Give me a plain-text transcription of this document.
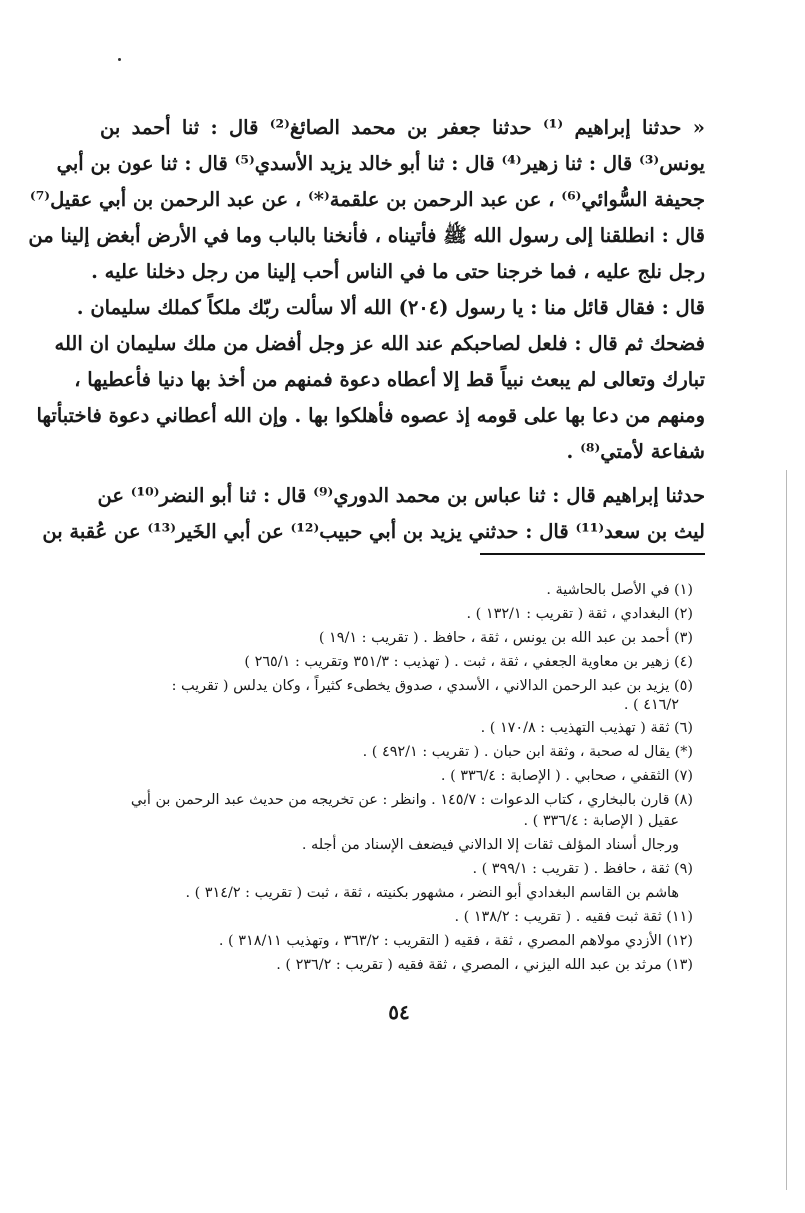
« حدثنا إبراهيم ⁽¹⁾ حدثنا جعفر بن محمد الصائغ⁽²⁾ قال : ثنا أحمد بن
يونس⁽³⁾ قال : ثنا زهير⁽⁴⁾ قال : ثنا أبو خالد يزيد الأسدي⁽⁵⁾ قال : ثنا عون بن أبي
جحيفة السُّوائي⁽⁶⁾ ، عن عبد الرحمن بن علقمة⁽*⁾ ، عن عبد الرحمن بن أبي عقيل⁽⁷⁾
قال : انطلقنا إلى رسول الله ﷺ فأتيناه ، فأنخنا بالباب وما في الأرض أبغض إلينا من
رجل نلج عليه ، فما خرجنا حتى ما في الناس أحب إلينا من رجل دخلنا عليه .
قال : فقال قائل منا : يا رسول (٢٠٤) الله ألا سألت ربّك ملكاً كملك سليمان .
فضحك ثم قال : فلعل لصاحبكم عند الله عز وجل أفضل من ملك سليمان ان الله
تبارك وتعالى لم يبعث نبياً قط إلا أعطاه دعوة فمنهم من أخذ بها دنيا فأعطيها ،
ومنهم من دعا بها على قومه إذ عصوه فأهلكوا بها . وإن الله أعطاني دعوة فاختبأتها
شفاعة لأمتي⁽⁸⁾ .
حدثنا إبراهيم قال : ثنا عباس بن محمد الدوري⁽⁹⁾ قال : ثنا أبو النضر⁽¹⁰⁾ عن
ليث بن سعد⁽¹¹⁾ قال : حدثني يزيد بن أبي حبيب⁽¹²⁾ عن أبي الخَير⁽¹³⁾ عن عُقبة بن
(١) في الأصل بالحاشية .
(٢) البغدادي ، ثقة ( تقريب : ١٣٢/١ ) .
(٣) أحمد بن عبد الله بن يونس ، ثقة ، حافظ . ( تقريب : ١٩/١ )
(٤) زهير بن معاوية الجعفي ، ثقة ، ثبت . ( تهذيب : ٣٥١/٣ وتقريب : ٢٦٥/١ )
(٥) يزيد بن عبد الرحمن الدالاني ، الأسدي ، صدوق يخطىء كثيراً ، وكان يدلس ( تقريب :
٤١٦/٢ ) .
(٦) ثقة ( تهذيب التهذيب : ١٧٠/٨ ) .
(*) يقال له صحبة ، وثقة ابن حبان . ( تقريب : ٤٩٢/١ ) .
(٧) الثقفي ، صحابي . ( الإصابة : ٣٣٦/٤ ) .
(٨) قارن بالبخاري ، كتاب الدعوات : ١٤٥/٧ . وانظر : عن تخريجه من حديث عبد الرحمن بن أبي
عقيل ( الإصابة : ٣٣٦/٤ ) .
ورجال أسناد المؤلف ثقات إلا الدالاني فيضعف الإسناد من أجله .
(٩) ثقة ، حافظ . ( تقريب : ٣٩٩/١ ) .
هاشم بن القاسم البغدادي أبو النضر ، مشهور بكنيته ، ثقة ، ثبت ( تقريب : ٣١٤/٢ ) .
(١١) ثقة ثبت فقيه . ( تقريب : ١٣٨/٢ ) .
(١٢) الأزدي مولاهم المصري ، ثقة ، فقيه ( التقريب : ٣٦٣/٢ ، وتهذيب ٣١٨/١١ ) .
(١٣) مرثد بن عبد الله اليزني ، المصري ، ثقة فقيه ( تقريب : ٢٣٦/٢ ) .
٥٤
